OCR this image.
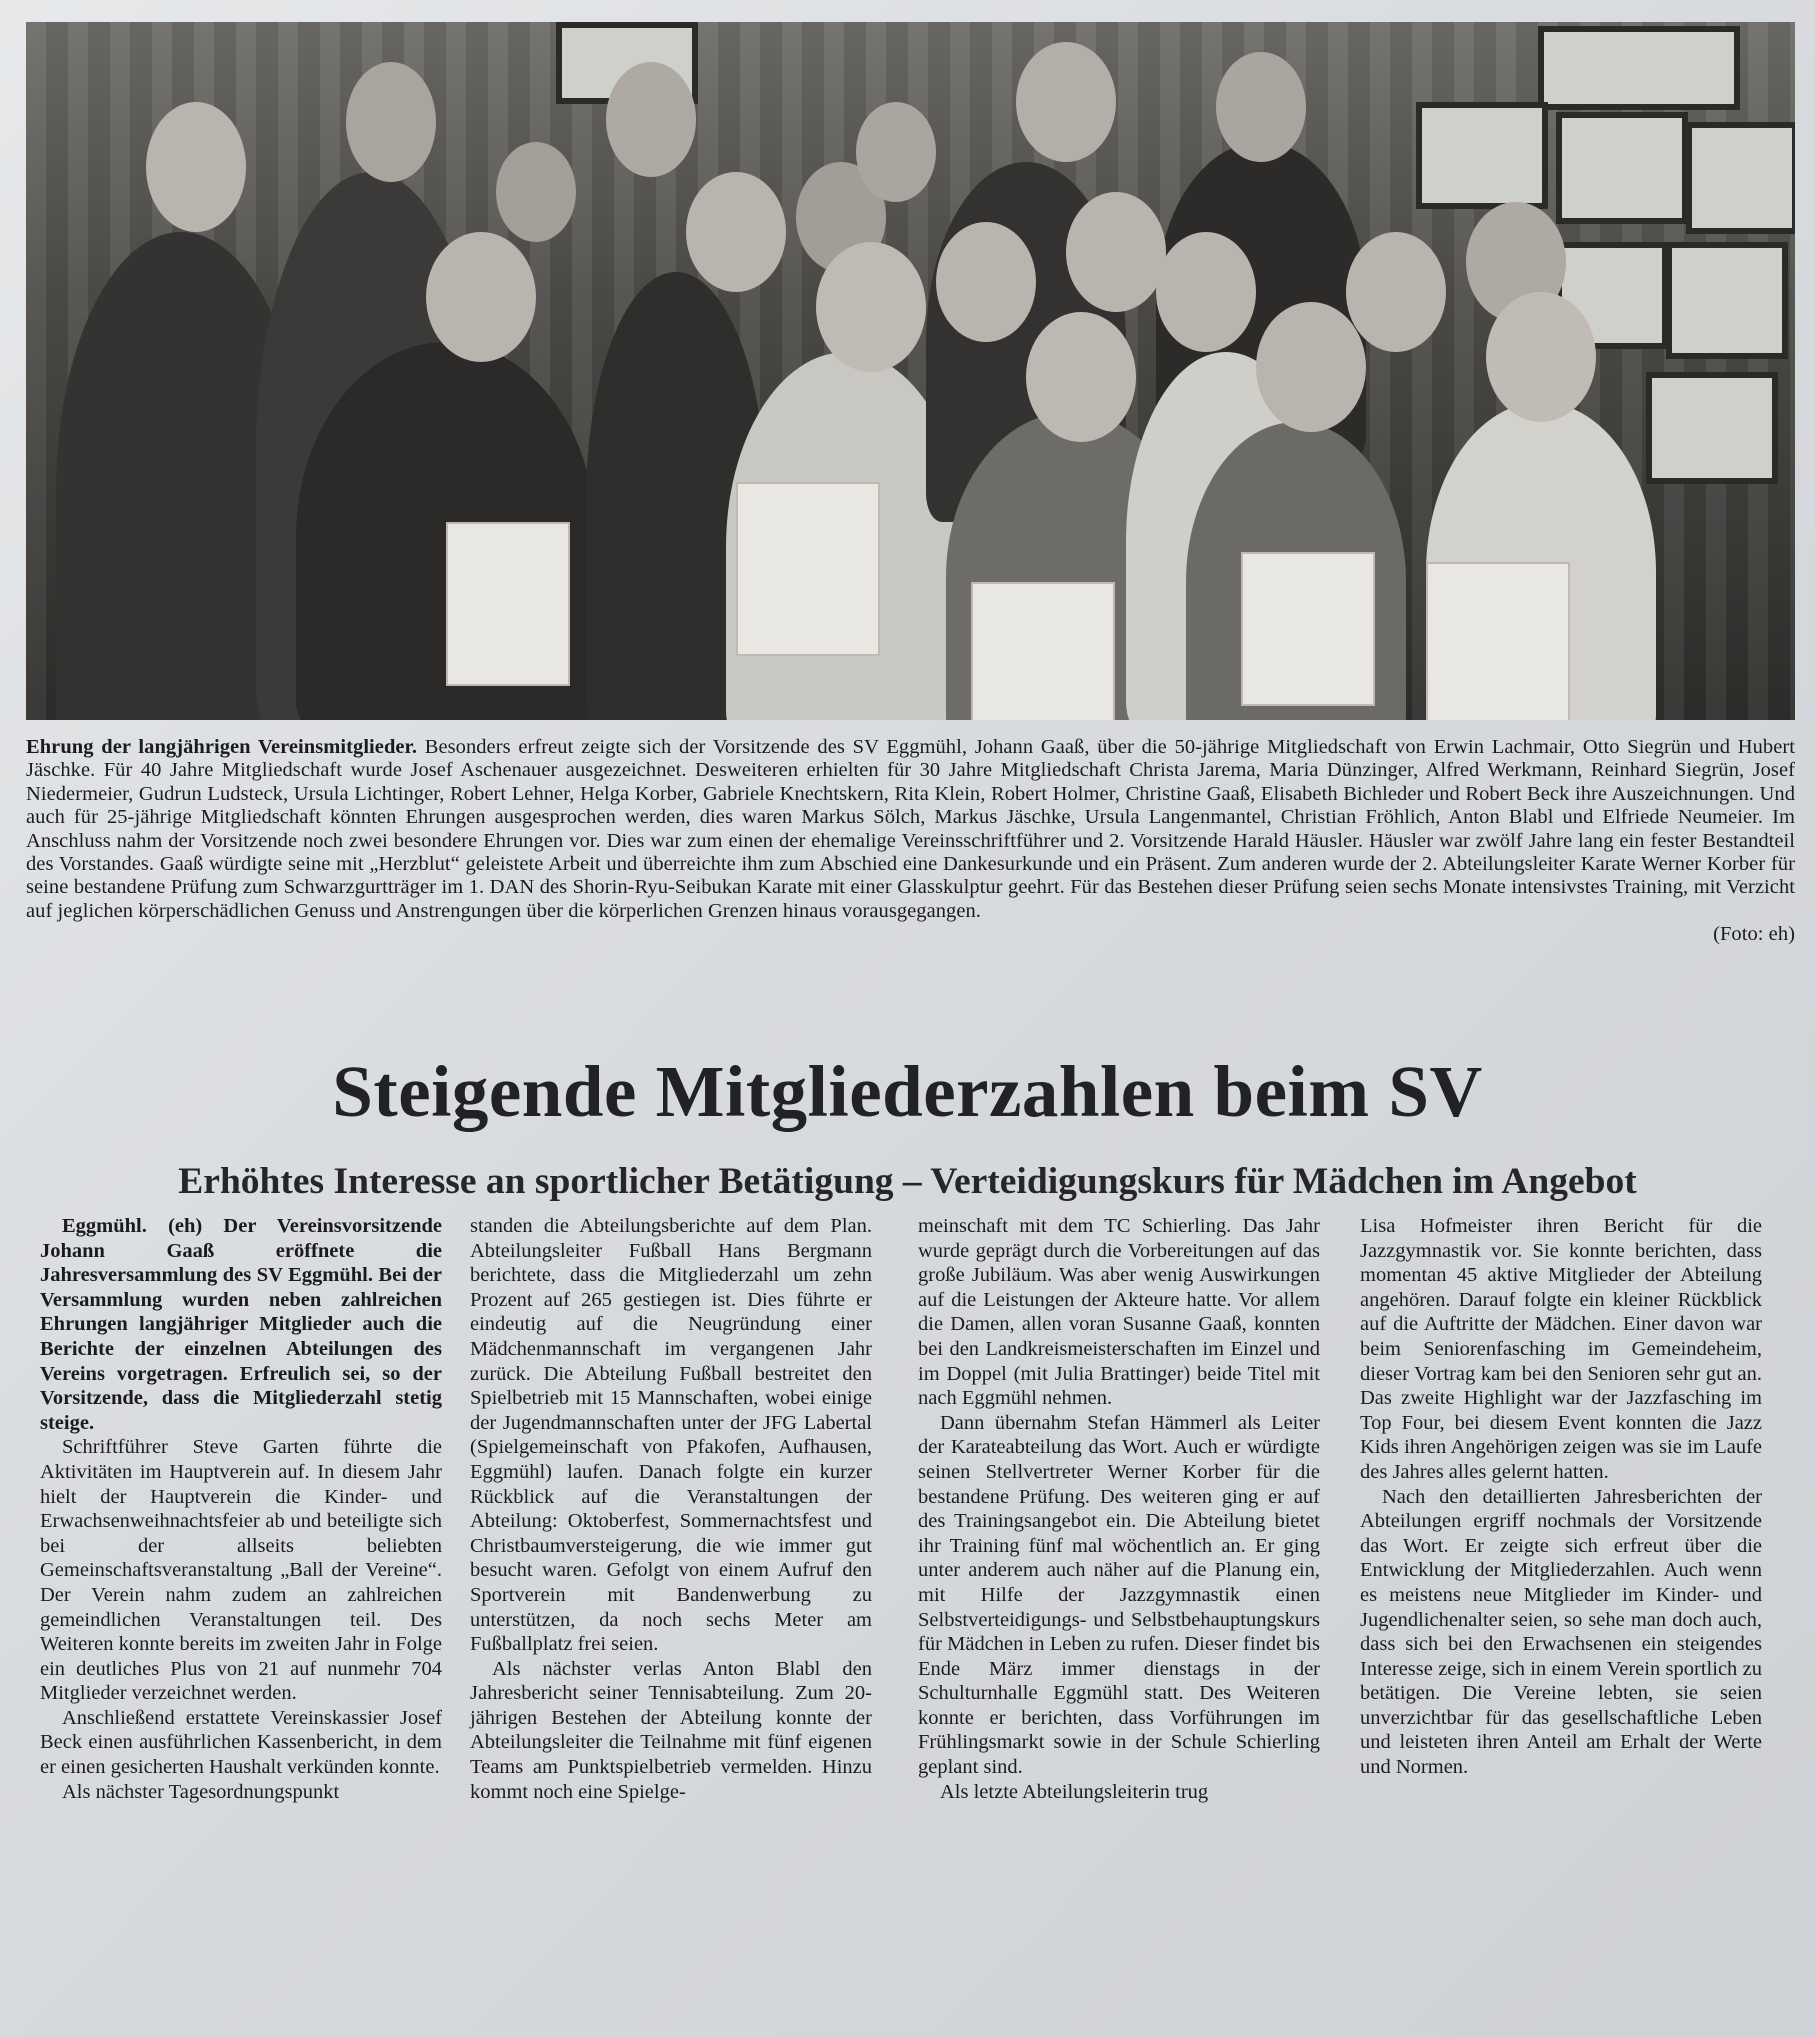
Ehrung der langjährigen Vereinsmitglieder. Besonders erfreut zeigte sich der Vorsitzende des SV Eggmühl, Johann Gaaß, über die 50-jährige Mitgliedschaft von Erwin Lachmair, Otto Siegrün und Hubert Jäschke. Für 40 Jahre Mitgliedschaft wurde Josef Aschenauer ausgezeichnet. Desweiteren erhielten für 30 Jahre Mitgliedschaft Christa Jarema, Maria Dünzinger, Alfred Werkmann, Reinhard Siegrün, Josef Niedermeier, Gudrun Ludsteck, Ursula Lichtinger, Robert Lehner, Helga Korber, Gabriele Knechtskern, Rita Klein, Robert Holmer, Christine Gaaß, Elisabeth Bichleder und Robert Beck ihre Auszeichnungen. Und auch für 25-jährige Mitgliedschaft könnten Ehrungen ausgesprochen werden, dies waren Markus Sölch, Markus Jäschke, Ursula Langenmantel, Christian Fröhlich, Anton Blabl und Elfriede Neumeier. Im Anschluss nahm der Vorsitzende noch zwei besondere Ehrungen vor. Dies war zum einen der ehemalige Vereinsschriftführer und 2. Vorsitzende Harald Häusler. Häusler war zwölf Jahre lang ein fester Bestandteil des Vorstandes. Gaaß würdigte seine mit „Herzblut“ geleistete Arbeit und überreichte ihm zum Abschied eine Dankesurkunde und ein Präsent. Zum anderen wurde der 2. Abteilungsleiter Karate Werner Korber für seine bestandene Prüfung zum Schwarzgurtträger im 1. DAN des Shorin-Ryu-Seibukan Karate mit einer Glasskulptur geehrt. Für das Bestehen dieser Prüfung seien sechs Monate intensivstes Training, mit Verzicht auf jeglichen körperschädlichen Genuss und Anstrengungen über die körperlichen Grenzen hinaus vorausgegangen.
(Foto: eh)
Steigende Mitgliederzahlen beim SV
Erhöhtes Interesse an sportlicher Betätigung – Verteidigungskurs für Mädchen im Angebot

Eggmühl. (eh) Der Vereinsvorsitzende Johann Gaaß eröffnete die Jahresversammlung des SV Eggmühl. Bei der Versammlung wurden neben zahlreichen Ehrungen langjähriger Mitglieder auch die Berichte der einzelnen Abteilungen des Vereins vorgetragen. Erfreulich sei, so der Vorsitzende, dass die Mitgliederzahl stetig steige.

Schriftführer Steve Garten führte die Aktivitäten im Hauptverein auf. In diesem Jahr hielt der Hauptverein die Kinder- und Erwachsenweihnachtsfeier ab und beteiligte sich bei der allseits beliebten Gemeinschaftsveranstaltung „Ball der Vereine“. Der Verein nahm zudem an zahlreichen gemeindlichen Veranstaltungen teil. Des Weiteren konnte bereits im zweiten Jahr in Folge ein deutliches Plus von 21 auf nunmehr 704 Mitglieder verzeichnet werden.

Anschließend erstattete Vereinskassier Josef Beck einen ausführlichen Kassenbericht, in dem er einen gesicherten Haushalt verkünden konnte.

Als nächster Tagesordnungspunkt

standen die Abteilungsberichte auf dem Plan. Abteilungsleiter Fußball Hans Bergmann berichtete, dass die Mitgliederzahl um zehn Prozent auf 265 gestiegen ist. Dies führte er eindeutig auf die Neugründung einer Mädchenmannschaft im vergangenen Jahr zurück. Die Abteilung Fußball bestreitet den Spielbetrieb mit 15 Mannschaften, wobei einige der Jugendmannschaften unter der JFG Labertal (Spielgemeinschaft von Pfakofen, Aufhausen, Eggmühl) laufen. Danach folgte ein kurzer Rückblick auf die Veranstaltungen der Abteilung: Oktoberfest, Sommernachtsfest und Christbaumversteigerung, die wie immer gut besucht waren. Gefolgt von einem Aufruf den Sportverein mit Bandenwerbung zu unterstützen, da noch sechs Meter am Fußballplatz frei seien.

Als nächster verlas Anton Blabl den Jahresbericht seiner Tennisabteilung. Zum 20-jährigen Bestehen der Abteilung konnte der Abteilungsleiter die Teilnahme mit fünf eigenen Teams am Punktspielbetrieb vermelden. Hinzu kommt noch eine Spielge-

meinschaft mit dem TC Schierling. Das Jahr wurde geprägt durch die Vorbereitungen auf das große Jubiläum. Was aber wenig Auswirkungen auf die Leistungen der Akteure hatte. Vor allem die Damen, allen voran Susanne Gaaß, konnten bei den Landkreismeisterschaften im Einzel und im Doppel (mit Julia Brattinger) beide Titel mit nach Eggmühl nehmen.

Dann übernahm Stefan Hämmerl als Leiter der Karateabteilung das Wort. Auch er würdigte seinen Stellvertreter Werner Korber für die bestandene Prüfung. Des weiteren ging er auf des Trainingsangebot ein. Die Abteilung bietet ihr Training fünf mal wöchentlich an. Er ging unter anderem auch näher auf die Planung ein, mit Hilfe der Jazzgymnastik einen Selbstverteidigungs- und Selbstbehauptungskurs für Mädchen in Leben zu rufen. Dieser findet bis Ende März immer dienstags in der Schulturnhalle Eggmühl statt. Des Weiteren konnte er berichten, dass Vorführungen im Frühlingsmarkt sowie in der Schule Schierling geplant sind.

Als letzte Abteilungsleiterin trug

Lisa Hofmeister ihren Bericht für die Jazzgymnastik vor. Sie konnte berichten, dass momentan 45 aktive Mitglieder der Abteilung angehören. Darauf folgte ein kleiner Rückblick auf die Auftritte der Mädchen. Einer davon war beim Seniorenfasching im Gemeindeheim, dieser Vortrag kam bei den Senioren sehr gut an. Das zweite Highlight war der Jazzfasching im Top Four, bei diesem Event konnten die Jazz Kids ihren Angehörigen zeigen was sie im Laufe des Jahres alles gelernt hatten.

Nach den detaillierten Jahresberichten der Abteilungen ergriff nochmals der Vorsitzende das Wort. Er zeigte sich erfreut über die Entwicklung der Mitgliederzahlen. Auch wenn es meistens neue Mitglieder im Kinder- und Jugendlichenalter seien, so sehe man doch auch, dass sich bei den Erwachsenen ein steigendes Interesse zeige, sich in einem Verein sportlich zu betätigen. Die Vereine lebten, sie seien unverzichtbar für das gesellschaftliche Leben und leisteten ihren Anteil am Erhalt der Werte und Normen.
